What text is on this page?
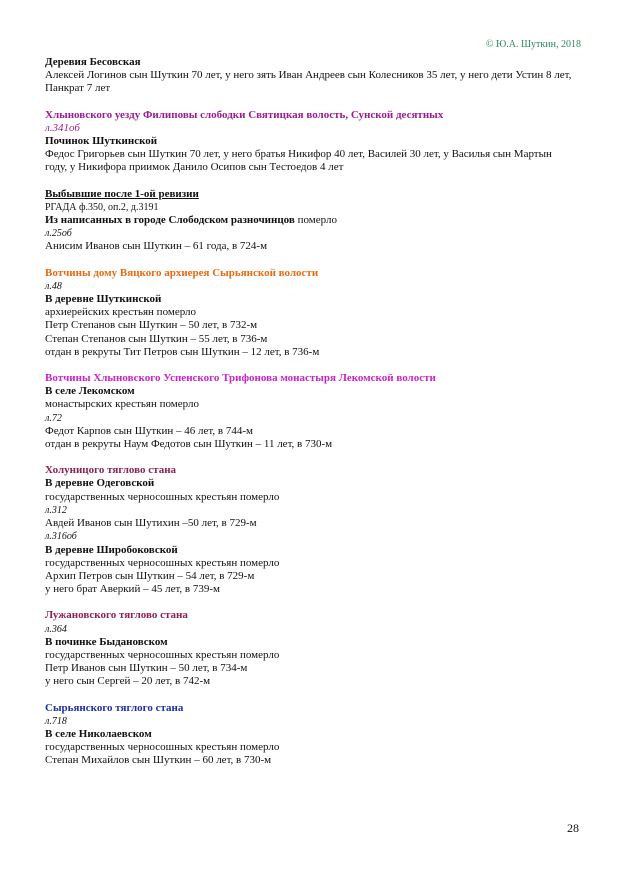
© Ю.А. Шуткин, 2018

Деревия Бесовская

Алексей Логинов сын Шуткин 70 лет, у него зять Иван Андреев сын Колесников 35 лет, у него дети Устин 8 лет, Панкрат 7 лет

Хлыновского уезду Филиповы слободки Святицкая волость, Сунской десятных

л.341об

Починок Шуткинской

Федос Григорьев сын Шуткин 70 лет, у него братья Никифор 40 лет, Василей 30 лет, у Василья сын Мартын году, у Никифора приимок Данило Осипов сын Тестоедов 4 лет

Выбывшие после 1-ой ревизии

РГАДА ф.350, оп.2, д.3191

Из написанных в городе Слободском разночинцов померло

л.25об

Анисим Иванов сын Шуткин – 61 года, в 724-м

Вотчины дому Вяцкого архиерея Сырьянской волости

л.48

В деревне Шуткинской

архиерейских крестьян померло

Петр Степанов сын Шуткин – 50 лет, в 732-м

Степан Степанов сын Шуткин – 55 лет, в 736-м

отдан в рекруты Тит Петров сын Шуткин – 12 лет, в 736-м

Вотчины Хлыновского Успенского Трифонова монастыря Лекомской волости

В селе Лекомском

монастырских крестьян померло

л.72

Федот Карпов сын Шуткин – 46 лет, в 744-м

отдан в рекруты Наум Федотов сын Шуткин – 11 лет, в 730-м

Холуницого тяглово стана

В деревне Одеговской

государственных черносошных крестьян померло

л.312

Авдей Иванов сын Шутихин –50 лет, в 729-м

л.316об

В деревне Широбоковской

государственных черносошных крестьян померло

Архип Петров сын Шуткин – 54 лет, в 729-м

у него брат Аверкий – 45 лет, в 739-м

Лужановского тяглово стана

л.364

В починке Быдановском

государственных черносошных крестьян померло

Петр Иванов сын Шуткин – 50 лет, в 734-м

у него сын Сергей – 20 лет, в 742-м

Сырьянского тяглого стана

л.718

В селе Николаевском

государственных черносошных крестьян померло

Степан Михайлов сын Шуткин – 60 лет, в 730-м

28
